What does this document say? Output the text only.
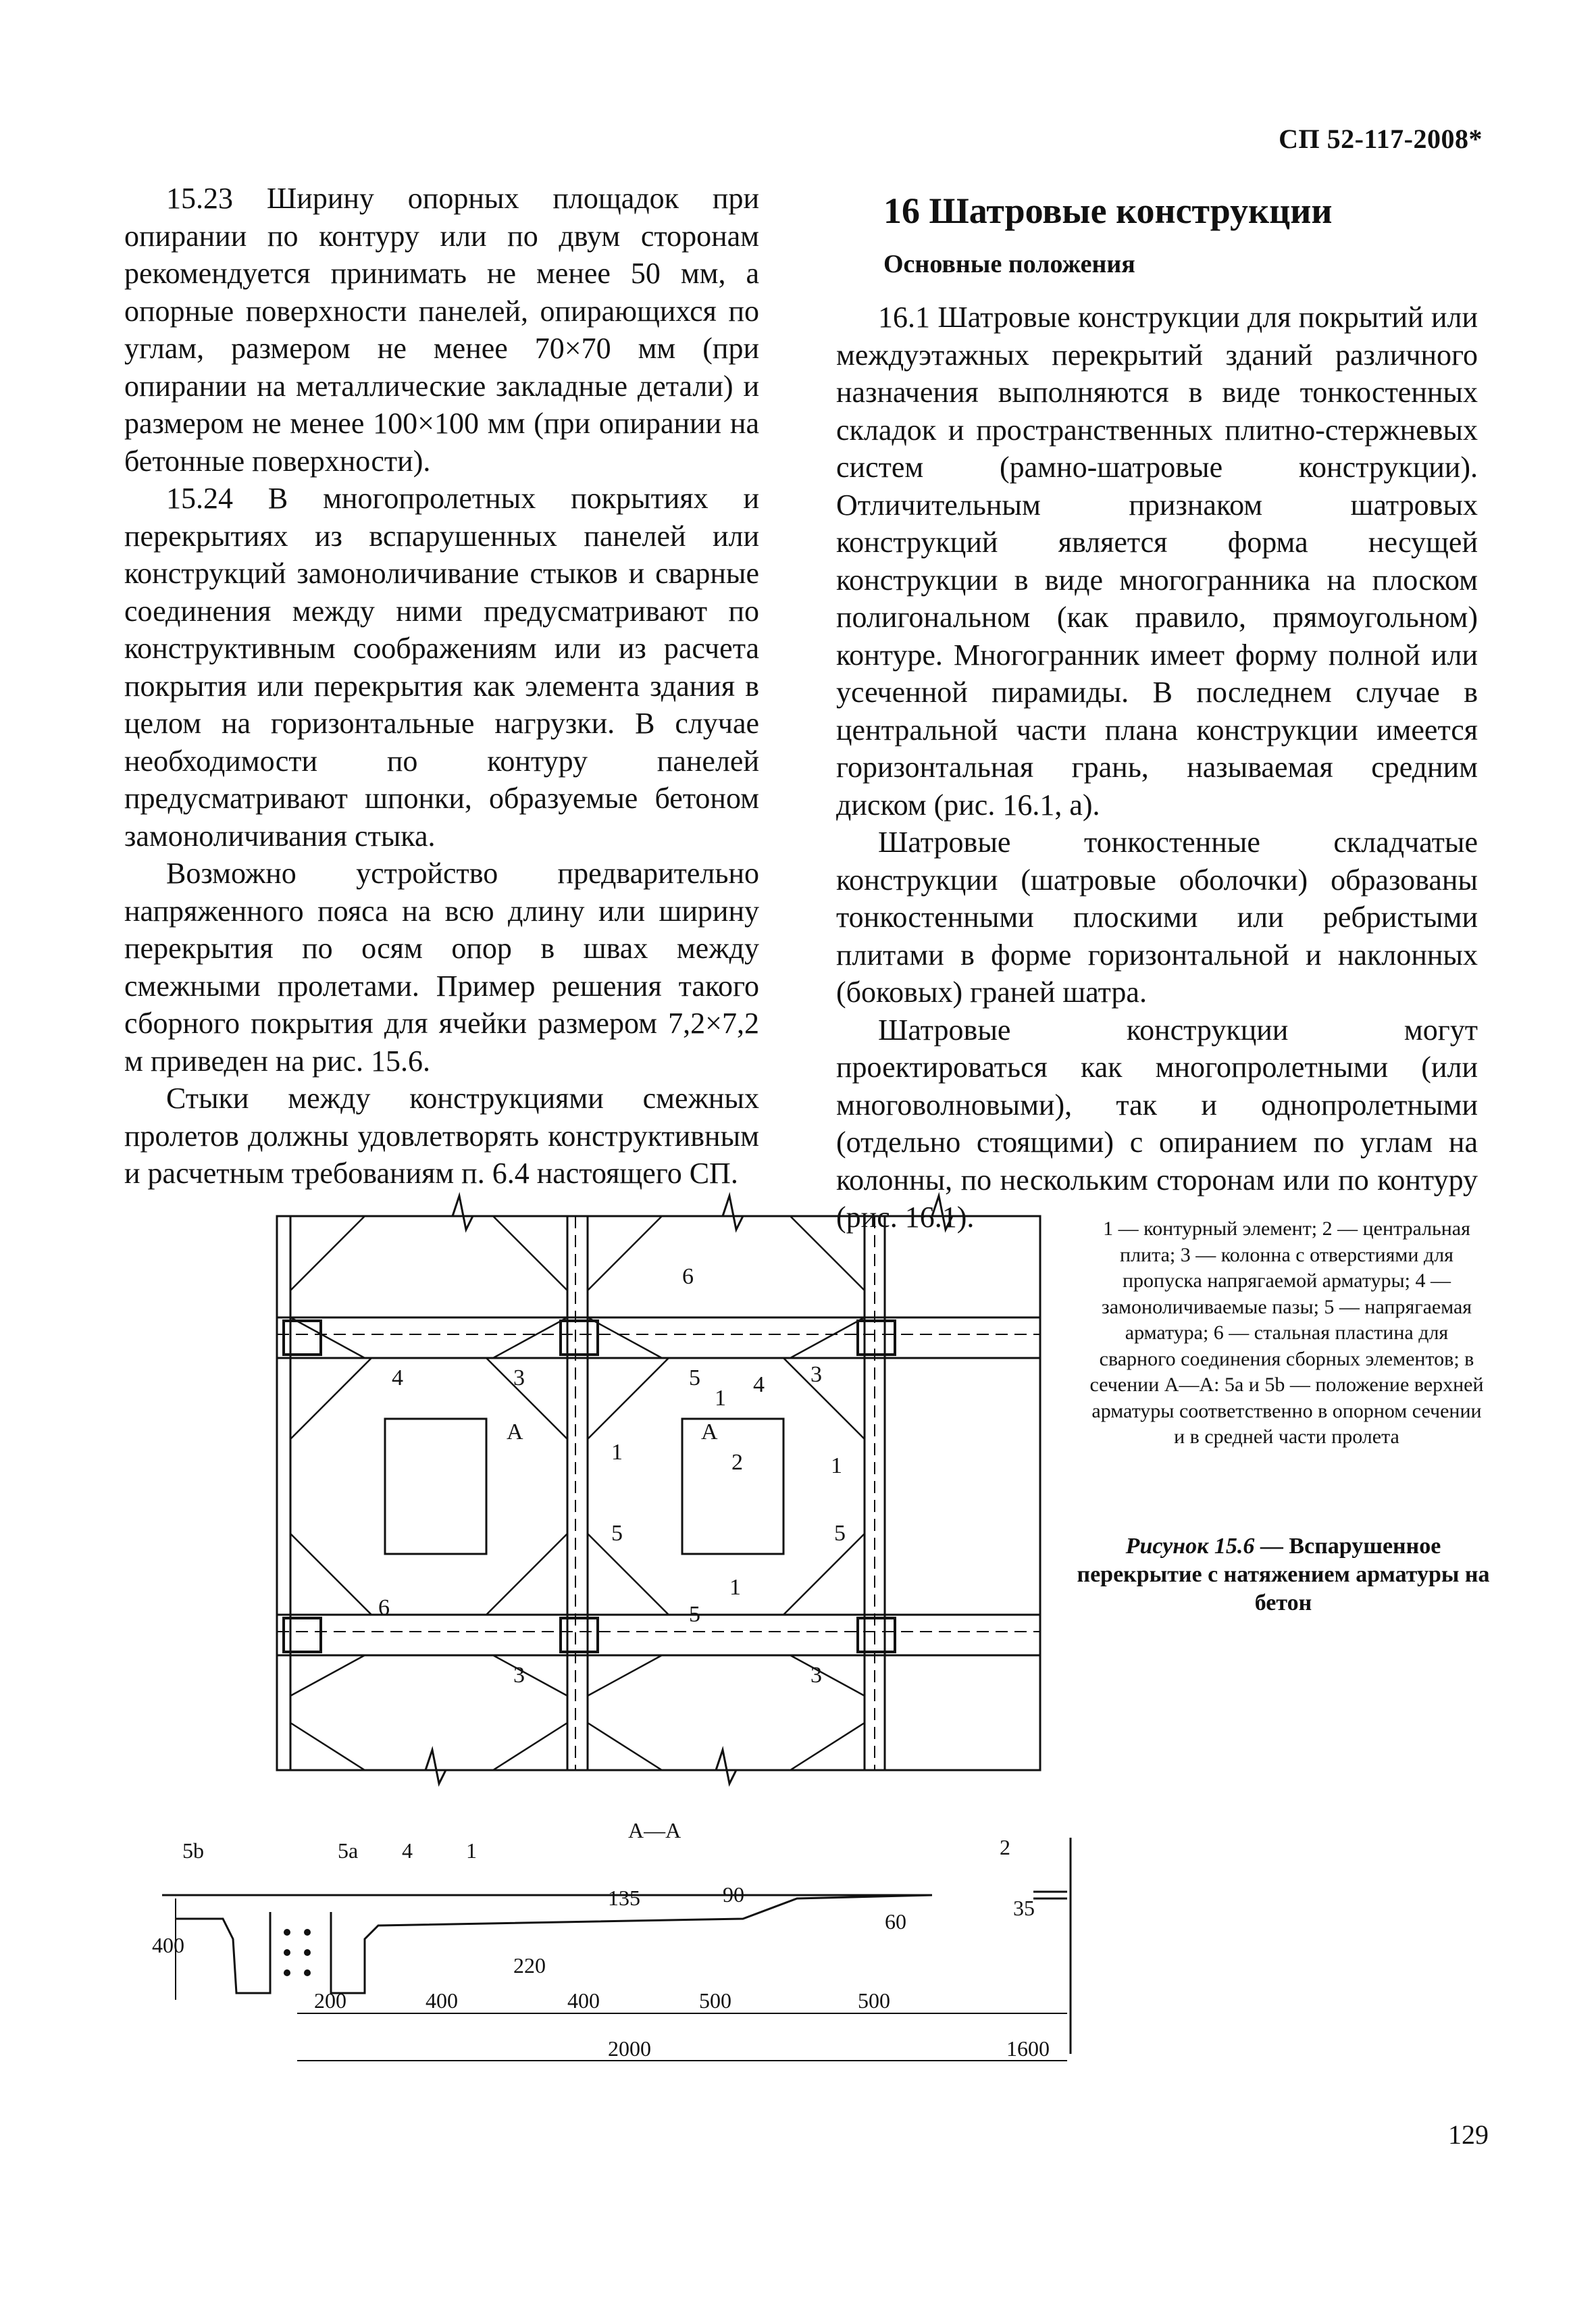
СП 52-117-2008*

15.23 Ширину опорных площадок при опирании по контуру или по двум сторонам рекомендуется принимать не менее 50 мм, а опорные поверхности панелей, опирающихся по углам, размером не менее 70×70 мм (при опирании на металлические закладные детали) и размером не менее 100×100 мм (при опирании на бетонные поверхности).

15.24 В многопролетных покрытиях и перекрытиях из вспарушенных панелей или конструкций замоноличивание стыков и сварные соединения между ними предусматривают по конструктивным соображениям или из расчета покрытия или перекрытия как элемента здания в целом на горизонтальные нагрузки. В случае необходимости по контуру панелей предусматривают шпонки, образуемые бетоном замоноличивания стыка.

Возможно устройство предварительно напряженного пояса на всю длину или ширину перекрытия по осям опор в швах между смежными пролетами. Пример решения такого сборного покрытия для ячейки размером 7,2×7,2 м приведен на рис. 15.6.

Стыки между конструкциями смежных пролетов должны удовлетворять конструктивным и расчетным требованиям п. 6.4 настоящего СП.

16 Шатровые конструкции

Основные положения

16.1 Шатровые конструкции для покрытий или междуэтажных перекрытий зданий различного назначения выполняются в виде тонкостенных складок и пространственных плитно-стержневых систем (рамно-шатровые конструкции). Отличительным признаком шатровых конструкций является форма несущей конструкции в виде многогранника на плоском полигональном (как правило, прямоугольном) контуре. Многогранник имеет форму полной или усеченной пирамиды. В последнем случае в центральной части плана конструкции имеется горизонтальная грань, называемая средним диском (рис. 16.1, а).

Шатровые тонкостенные складчатые конструкции (шатровые оболочки) образованы тонкостенными плоскими или ребристыми плитами в форме горизонтальной и наклонных (боковых) граней шатра.

Шатровые конструкции могут проектироваться как многопролетными (или многоволновыми), так и однопролетными (отдельно стоящими) с опиранием по углам на колонны, по нескольким сторонам или по контуру (рис. 16.1).

6
4	3	5 4
1
3
А
1
А
2	1
5	5
6
1
5
3	3
А—А
5b	5a 4 1	2
400
135	90
60
35
220
200	400	400	500	500
2000	1600
1 — контурный элемент; 2 — центральная плита; 3 — колонна с отверстиями для пропуска напрягаемой арматуры; 4 — замоноличиваемые пазы; 5 — напрягаемая арматура; 6 — стальная пластина для сварного соединения сборных элементов; в сечении А—А: 5a и 5b — положение верхней арматуры соответственно в опорном сечении и в средней части пролета
Рисунок 15.6 — Вспарушенное перекрытие с натяжением арматуры на бетон
129
